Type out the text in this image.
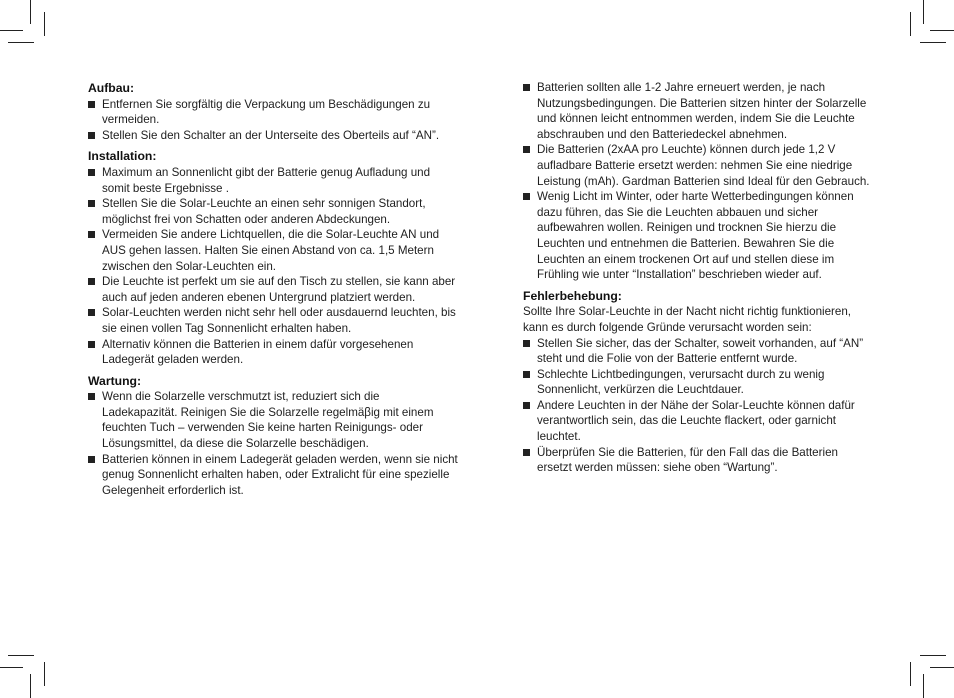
Aufbau:
Entfernen Sie sorgfältig die Verpackung um Beschädigungen zu vermeiden.
Stellen Sie den Schalter an der Unterseite des Oberteils auf “AN”.
Installation:
Maximum an Sonnenlicht gibt der Batterie genug Aufladung und somit beste Ergebnisse .
Stellen Sie die Solar-Leuchte an einen sehr sonnigen Standort, möglichst frei von Schatten oder anderen Abdeckungen.
Vermeiden Sie andere Lichtquellen, die die Solar-Leuchte AN und AUS gehen lassen. Halten Sie einen Abstand von ca. 1,5 Metern zwischen den Solar-Leuchten ein.
Die Leuchte ist perfekt um sie auf den Tisch zu stellen, sie kann aber auch auf jeden anderen ebenen Untergrund platziert werden.
Solar-Leuchten werden nicht sehr hell oder ausdauernd leuchten, bis sie einen vollen Tag Sonnenlicht erhalten haben.
Alternativ können die Batterien in einem dafür vorgesehenen Ladegerät geladen werden.
Wartung:
Wenn die Solarzelle verschmutzt ist, reduziert sich die Ladekapazität. Reinigen Sie die Solarzelle regelmäβig mit einem feuchten Tuch – verwenden Sie keine harten Reinigungs- oder Lösungsmittel, da diese die Solarzelle beschädigen.
Batterien können in einem Ladegerät geladen werden, wenn sie nicht genug Sonnenlicht erhalten haben, oder Extralicht für eine spezielle Gelegenheit erforderlich ist.
Batterien sollten alle 1-2 Jahre erneuert werden, je nach Nutzungsbedingungen. Die Batterien sitzen hinter der Solarzelle und können leicht entnommen werden, indem Sie die Leuchte abschrauben und den Batteriedeckel abnehmen.
Die Batterien (2xAA pro Leuchte) können durch jede 1,2 V aufladbare Batterie ersetzt werden: nehmen Sie eine niedrige Leistung (mAh). Gardman Batterien sind Ideal für den Gebrauch.
Wenig Licht im Winter, oder harte Wetterbedingungen können dazu führen, das Sie die Leuchten abbauen und sicher aufbewahren wollen. Reinigen und trocknen Sie hierzu die Leuchten und entnehmen die Batterien. Bewahren Sie die Leuchten an einem trockenen Ort auf und stellen diese im Frühling wie unter “Installation” beschrieben wieder auf.
Fehlerbehebung:

Sollte Ihre Solar-Leuchte in der Nacht nicht richtig funktionieren, kann es durch folgende Gründe verursacht worden sein:

Stellen Sie sicher, das der Schalter, soweit vorhanden, auf “AN” steht und die Folie von der Batterie entfernt wurde.
Schlechte Lichtbedingungen, verursacht durch zu wenig Sonnenlicht, verkürzen die Leuchtdauer.
Andere Leuchten in der Nähe der Solar-Leuchte können dafür verantwortlich sein, das die Leuchte flackert, oder garnicht leuchtet.
Überprüfen Sie die Batterien, für den Fall das die Batterien ersetzt werden müssen: siehe oben “Wartung”.
